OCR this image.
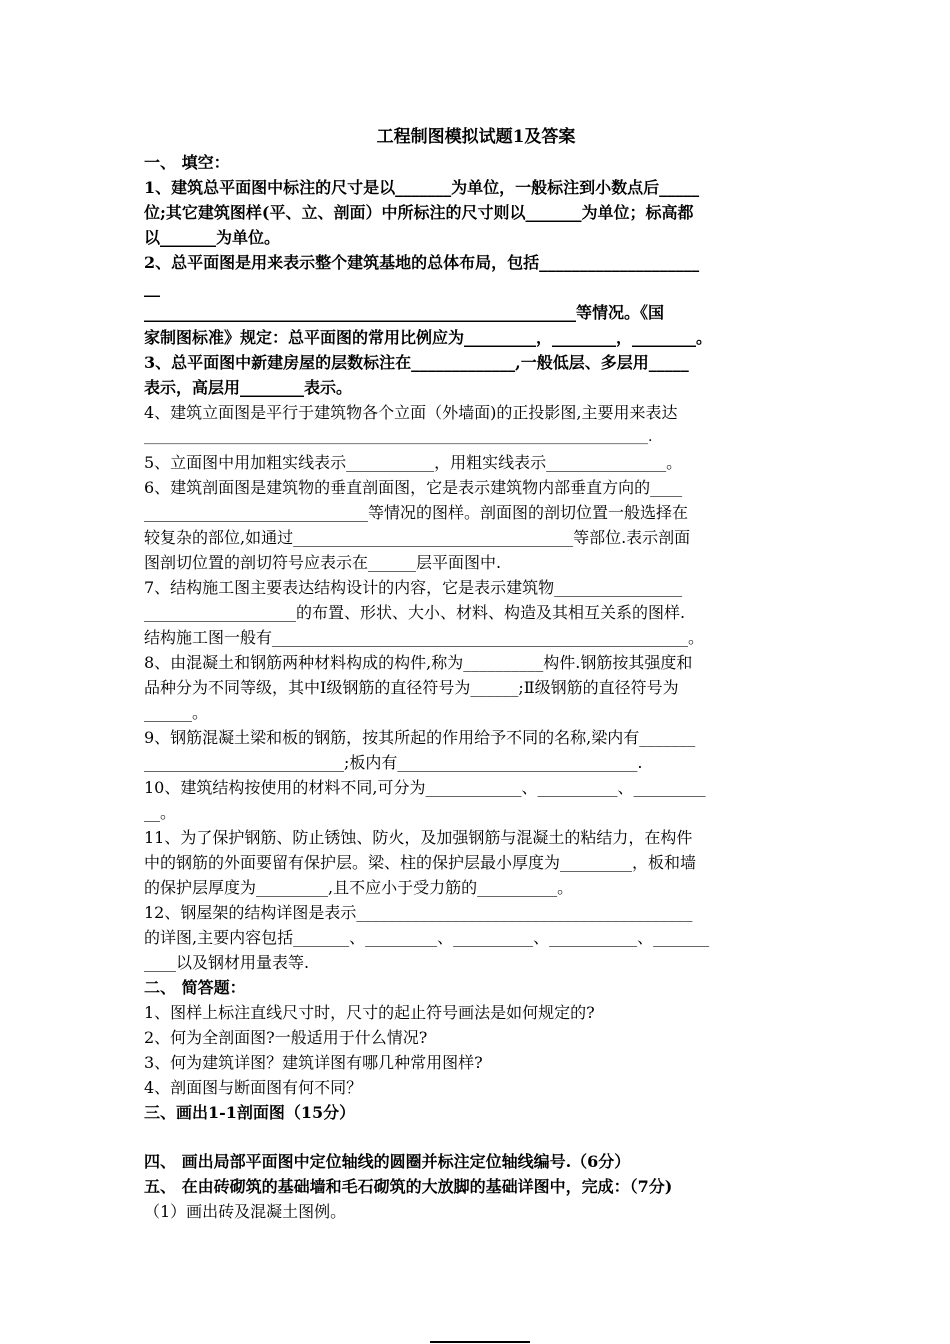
工程制图模拟试题1及答案
一、 填空：
1、建筑总平面图中标注的尺寸是以_______为单位，一般标注到小数点后_____
位;其它建筑图样(平、立、剖面）中所标注的尺寸则以_______为单位；标高都
以_______为单位。
2、总平面图是用来表示整个建筑基地的总体布局，包括____________________
__
______________________________________________________等情况。《国
家制图标准》规定：总平面图的常用比例应为_________，________，________。
3、总平面图中新建房屋的层数标注在_____________,一般低层、多层用_____
表示，高层用________表示。
4、建筑立面图是平行于建筑物各个立面（外墙面)的正投影图,主要用来表达
________________________________________________________________________.
5、立面图中用加粗实线表示___________，用粗实线表示_______________。
6、建筑剖面图是建筑物的垂直剖面图，它是表示建筑物内部垂直方向的____
____________________________等情况的图样。剖面图的剖切位置一般选择在
较复杂的部位,如通过___________________________________等部位.表示剖面
图剖切位置的剖切符号应表示在______层平面图中.
7、结构施工图主要表达结构设计的内容，它是表示建筑物________________
___________________的布置、形状、大小、材料、构造及其相互关系的图样.
结构施工图一般有____________________________________________________。
8、由混凝土和钢筋两种材料构成的构件,称为__________构件.钢筋按其强度和
品种分为不同等级，其中Ⅰ级钢筋的直径符号为______;Ⅱ级钢筋的直径符号为
______。
9、钢筋混凝土梁和板的钢筋，按其所起的作用给予不同的名称,梁内有_______
_________________________;板内有______________________________.
10、建筑结构按使用的材料不同,可分为____________、__________、_________
__。
11、为了保护钢筋、防止锈蚀、防火，及加强钢筋与混凝土的粘结力，在构件
中的钢筋的外面要留有保护层。梁、柱的保护层最小厚度为_________，板和墙
的保护层厚度为_________,且不应小于受力筋的__________。
12、钢屋架的结构详图是表示__________________________________________
的详图,主要内容包括_______、_________、__________、___________、_______
____以及钢材用量表等.
二、 简答题：
1、图样上标注直线尺寸时，尺寸的起止符号画法是如何规定的?
2、何为全剖面图?一般适用于什么情况?
3、何为建筑详图？建筑详图有哪几种常用图样?
4、剖面图与断面图有何不同？
三、画出1-1剖面图（15分）
四、 画出局部平面图中定位轴线的圆圈并标注定位轴线编号.（6分）
五、 在由砖砌筑的基础墙和毛石砌筑的大放脚的基础详图中，完成：（7分)
（1）画出砖及混凝土图例。
